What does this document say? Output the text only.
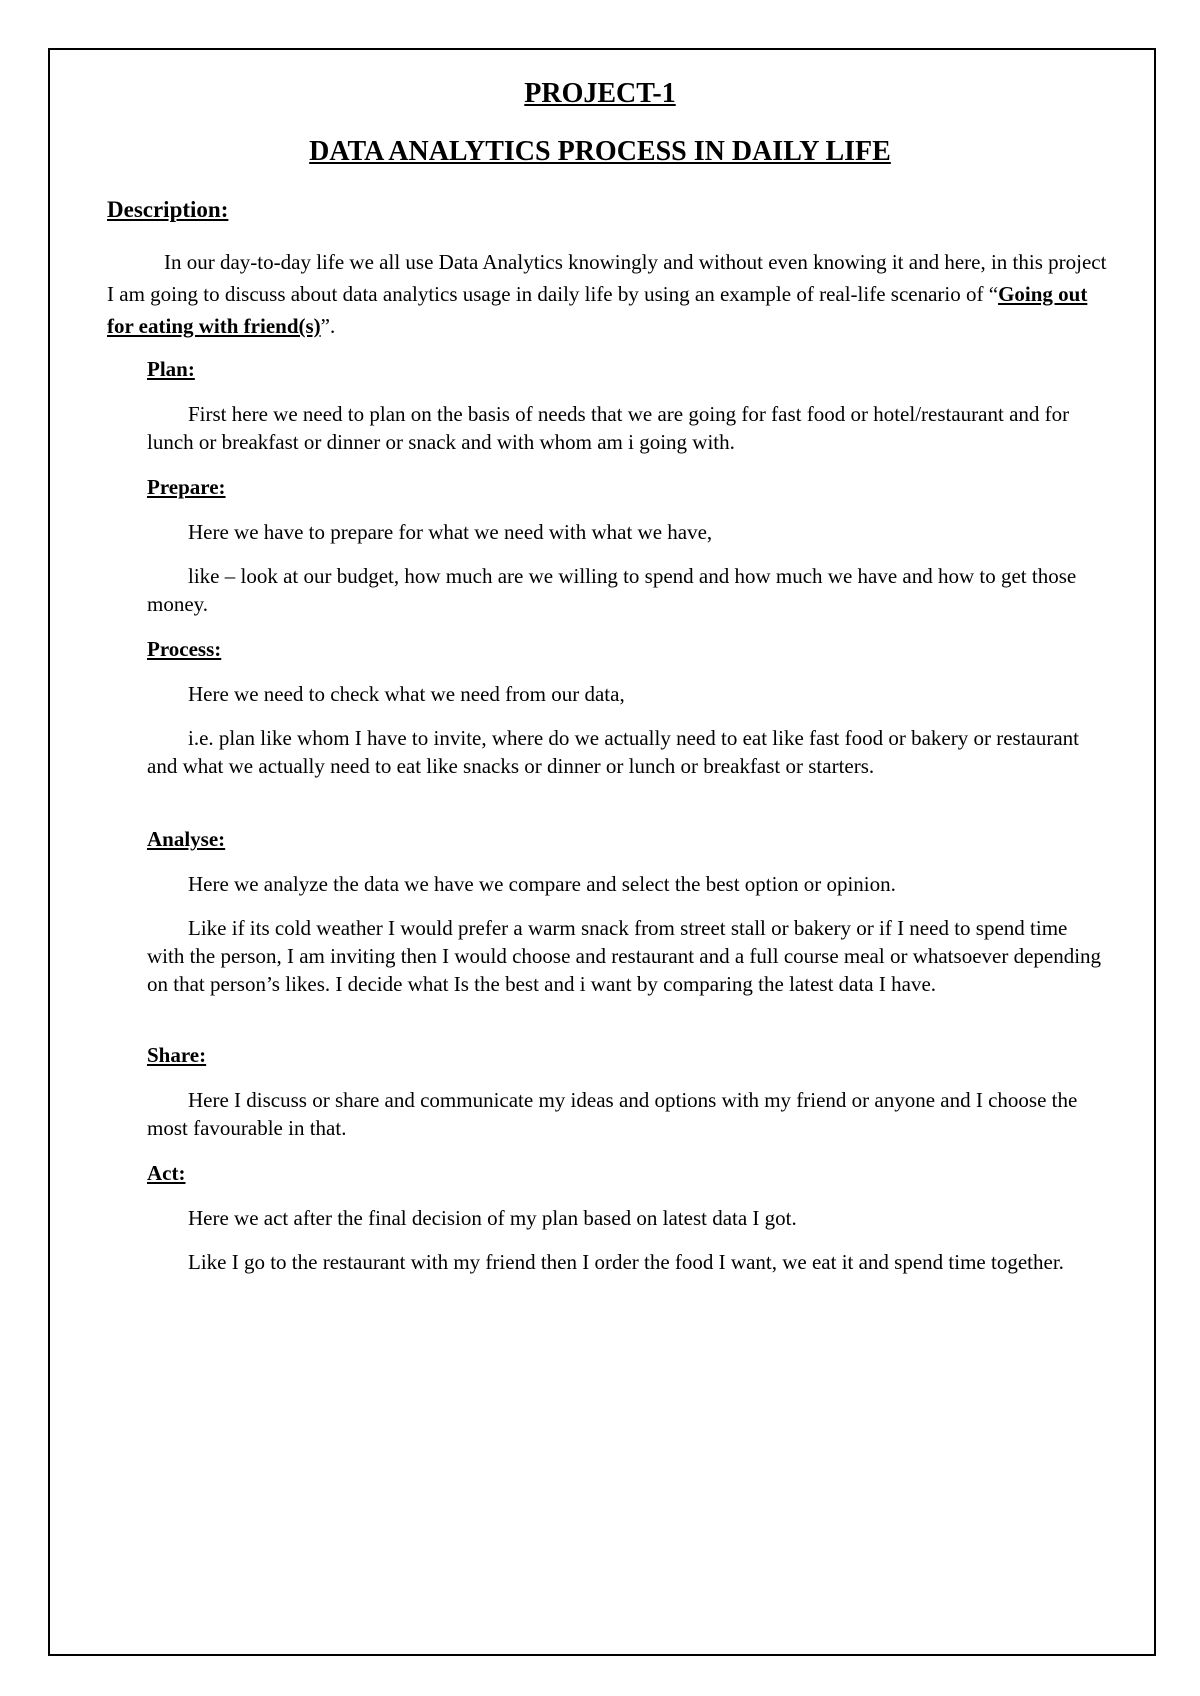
PROJECT-1
DATA ANALYTICS PROCESS IN DAILY LIFE
Description:

In our day-to-day life we all use Data Analytics knowingly and without even knowing it and here, in this project I am going to discuss about data analytics usage in daily life by using an example of real-life scenario of “Going out for eating with friend(s)”.

Plan:

First here we need to plan on the basis of needs that we are going for fast food or hotel/restaurant and for lunch or breakfast or dinner or snack and with whom am i going with.

Prepare:

Here we have to prepare for what we need with what we have,

like – look at our budget, how much are we willing to spend and how much we have and how to get those money.

Process:

Here we need to check what we need from our data,

i.e. plan like whom I have to invite, where do we actually need to eat like fast food or bakery or restaurant and what we actually need to eat like snacks or dinner or lunch or breakfast or starters.

Analyse:

Here we analyze the data we have we compare and select the best option or opinion.

Like if its cold weather I would prefer a warm snack from street stall or bakery or if I need to spend time with the person, I am inviting then I would choose and restaurant and a full course meal or whatsoever depending on that person’s likes. I decide what Is the best and i want by comparing the latest data I have.

Share:

Here I discuss or share and communicate my ideas and options with my friend or anyone and I choose the most favourable in that.

Act:

Here we act after the final decision of my plan based on latest data I got.

Like I go to the restaurant with my friend then I order the food I want, we eat it and spend time together.
